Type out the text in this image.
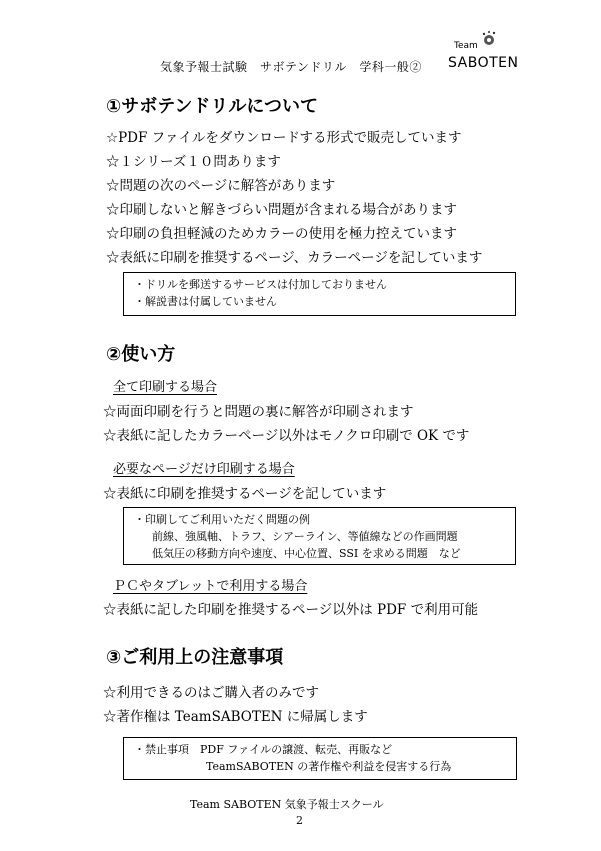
気象予報士試験　サボテンドリル　学科一般②
Team
SABOTEN
①サボテンドリルについて
☆PDF ファイルをダウンロードする形式で販売しています
☆１シリーズ１０問あります
☆問題の次のページに解答があります
☆印刷しないと解きづらい問題が含まれる場合があります
☆印刷の負担軽減のためカラーの使用を極力控えています
☆表紙に印刷を推奨するページ、カラーページを記しています
・ドリルを郵送するサービスは付加しておりません
・解説書は付属していません
②使い方
全て印刷する場合
☆両面印刷を行うと問題の裏に解答が印刷されます
☆表紙に記したカラーページ以外はモノクロ印刷で OK です
必要なページだけ印刷する場合
☆表紙に印刷を推奨するページを記しています
・印刷してご利用いただく問題の例
前線、強風軸、トラフ、シアーライン、等値線などの作画問題
低気圧の移動方向や速度、中心位置、SSI を求める問題　など
ＰＣやタブレットで利用する場合
☆表紙に記した印刷を推奨するページ以外は PDF で利用可能
③ご利用上の注意事項
☆利用できるのはご購入者のみです
☆著作権は TeamSABOTEN に帰属します
・禁止事項　PDF ファイルの譲渡、転売、再販など
TeamSABOTEN の著作権や利益を侵害する行為
Team SABOTEN 気象予報士スクール
2
